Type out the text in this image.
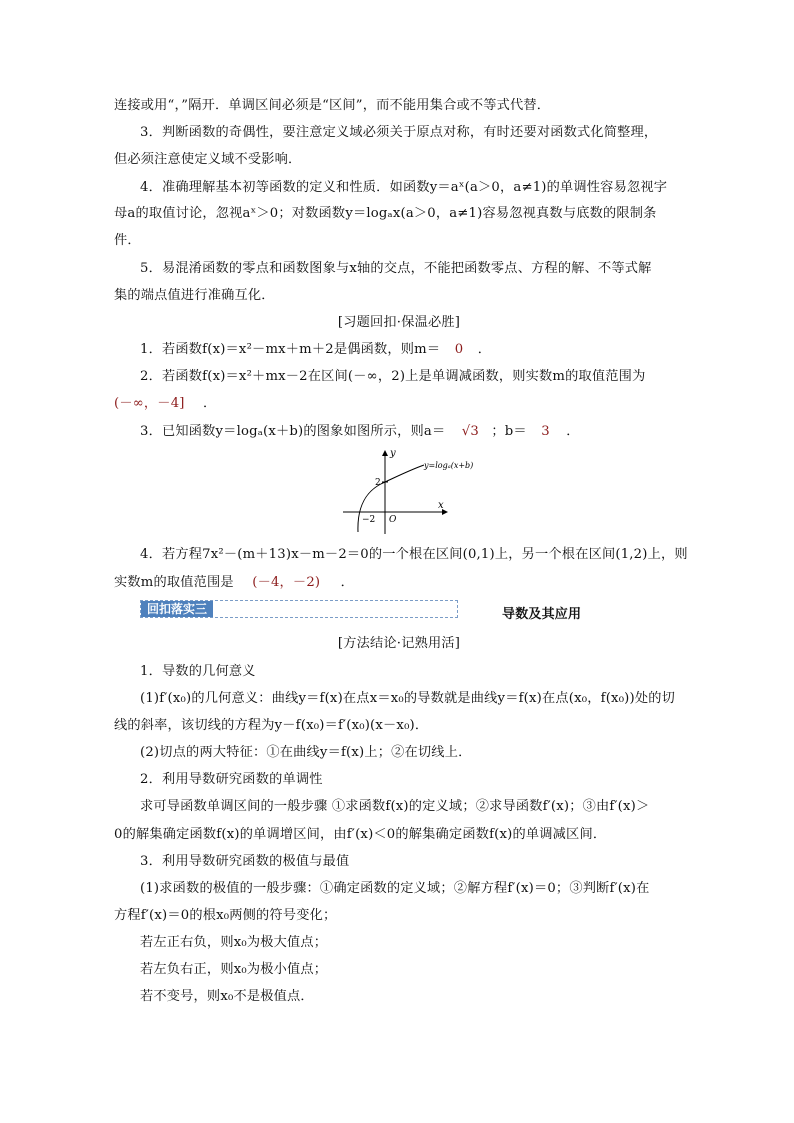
连接或用“，”隔开．单调区间必须是“区间”，而不能用集合或不等式代替．
3．判断函数的奇偶性，要注意定义域必须关于原点对称，有时还要对函数式化简整理，
但必须注意使定义域不受影响．
4．准确理解基本初等函数的定义和性质．如函数y＝aˣ(a＞0，a≠1)的单调性容易忽视字
母a的取值讨论，忽视aˣ＞0；对数函数y＝logₐx(a＞0，a≠1)容易忽视真数与底数的限制条
件．
5．易混淆函数的零点和函数图象与x轴的交点，不能把函数零点、方程的解、不等式解
集的端点值进行准确互化．
[习题回扣·保温必胜]
1．若函数f(x)＝x²－mx＋m＋2是偶函数，则m＝ 0 ．
2．若函数f(x)＝x²＋mx－2在区间(－∞，2)上是单调减函数，则实数m的取值范围为
(－∞，－4] ．
3．已知函数y＝logₐ(x＋b)的图象如图所示，则a＝ √3 ；b＝ 3 ．
y
x
2
−2 O
y=logₐ(x+b)
4．若方程7x²－(m＋13)x－m－2＝0的一个根在区间(0,1)上，另一个根在区间(1,2)上，则
实数m的取值范围是 (－4，－2) ．
回扣落实三	导数及其应用
[方法结论·记熟用活]
1．导数的几何意义
(1)f′(x₀)的几何意义：曲线y＝f(x)在点x＝x₀的导数就是曲线y＝f(x)在点(x₀，f(x₀))处的切
线的斜率，该切线的方程为y－f(x₀)＝f′(x₀)(x－x₀)．
(2)切点的两大特征：①在曲线y＝f(x)上；②在切线上．
2．利用导数研究函数的单调性
求可导函数单调区间的一般步骤 ①求函数f(x)的定义域；②求导函数f′(x)；③由f′(x)＞
0的解集确定函数f(x)的单调增区间，由f′(x)＜0的解集确定函数f(x)的单调减区间．
3．利用导数研究函数的极值与最值
(1)求函数的极值的一般步骤：①确定函数的定义域；②解方程f′(x)＝0；③判断f′(x)在
方程f′(x)＝0的根x₀两侧的符号变化；
若左正右负，则x₀为极大值点；
若左负右正，则x₀为极小值点；
若不变号，则x₀不是极值点．
